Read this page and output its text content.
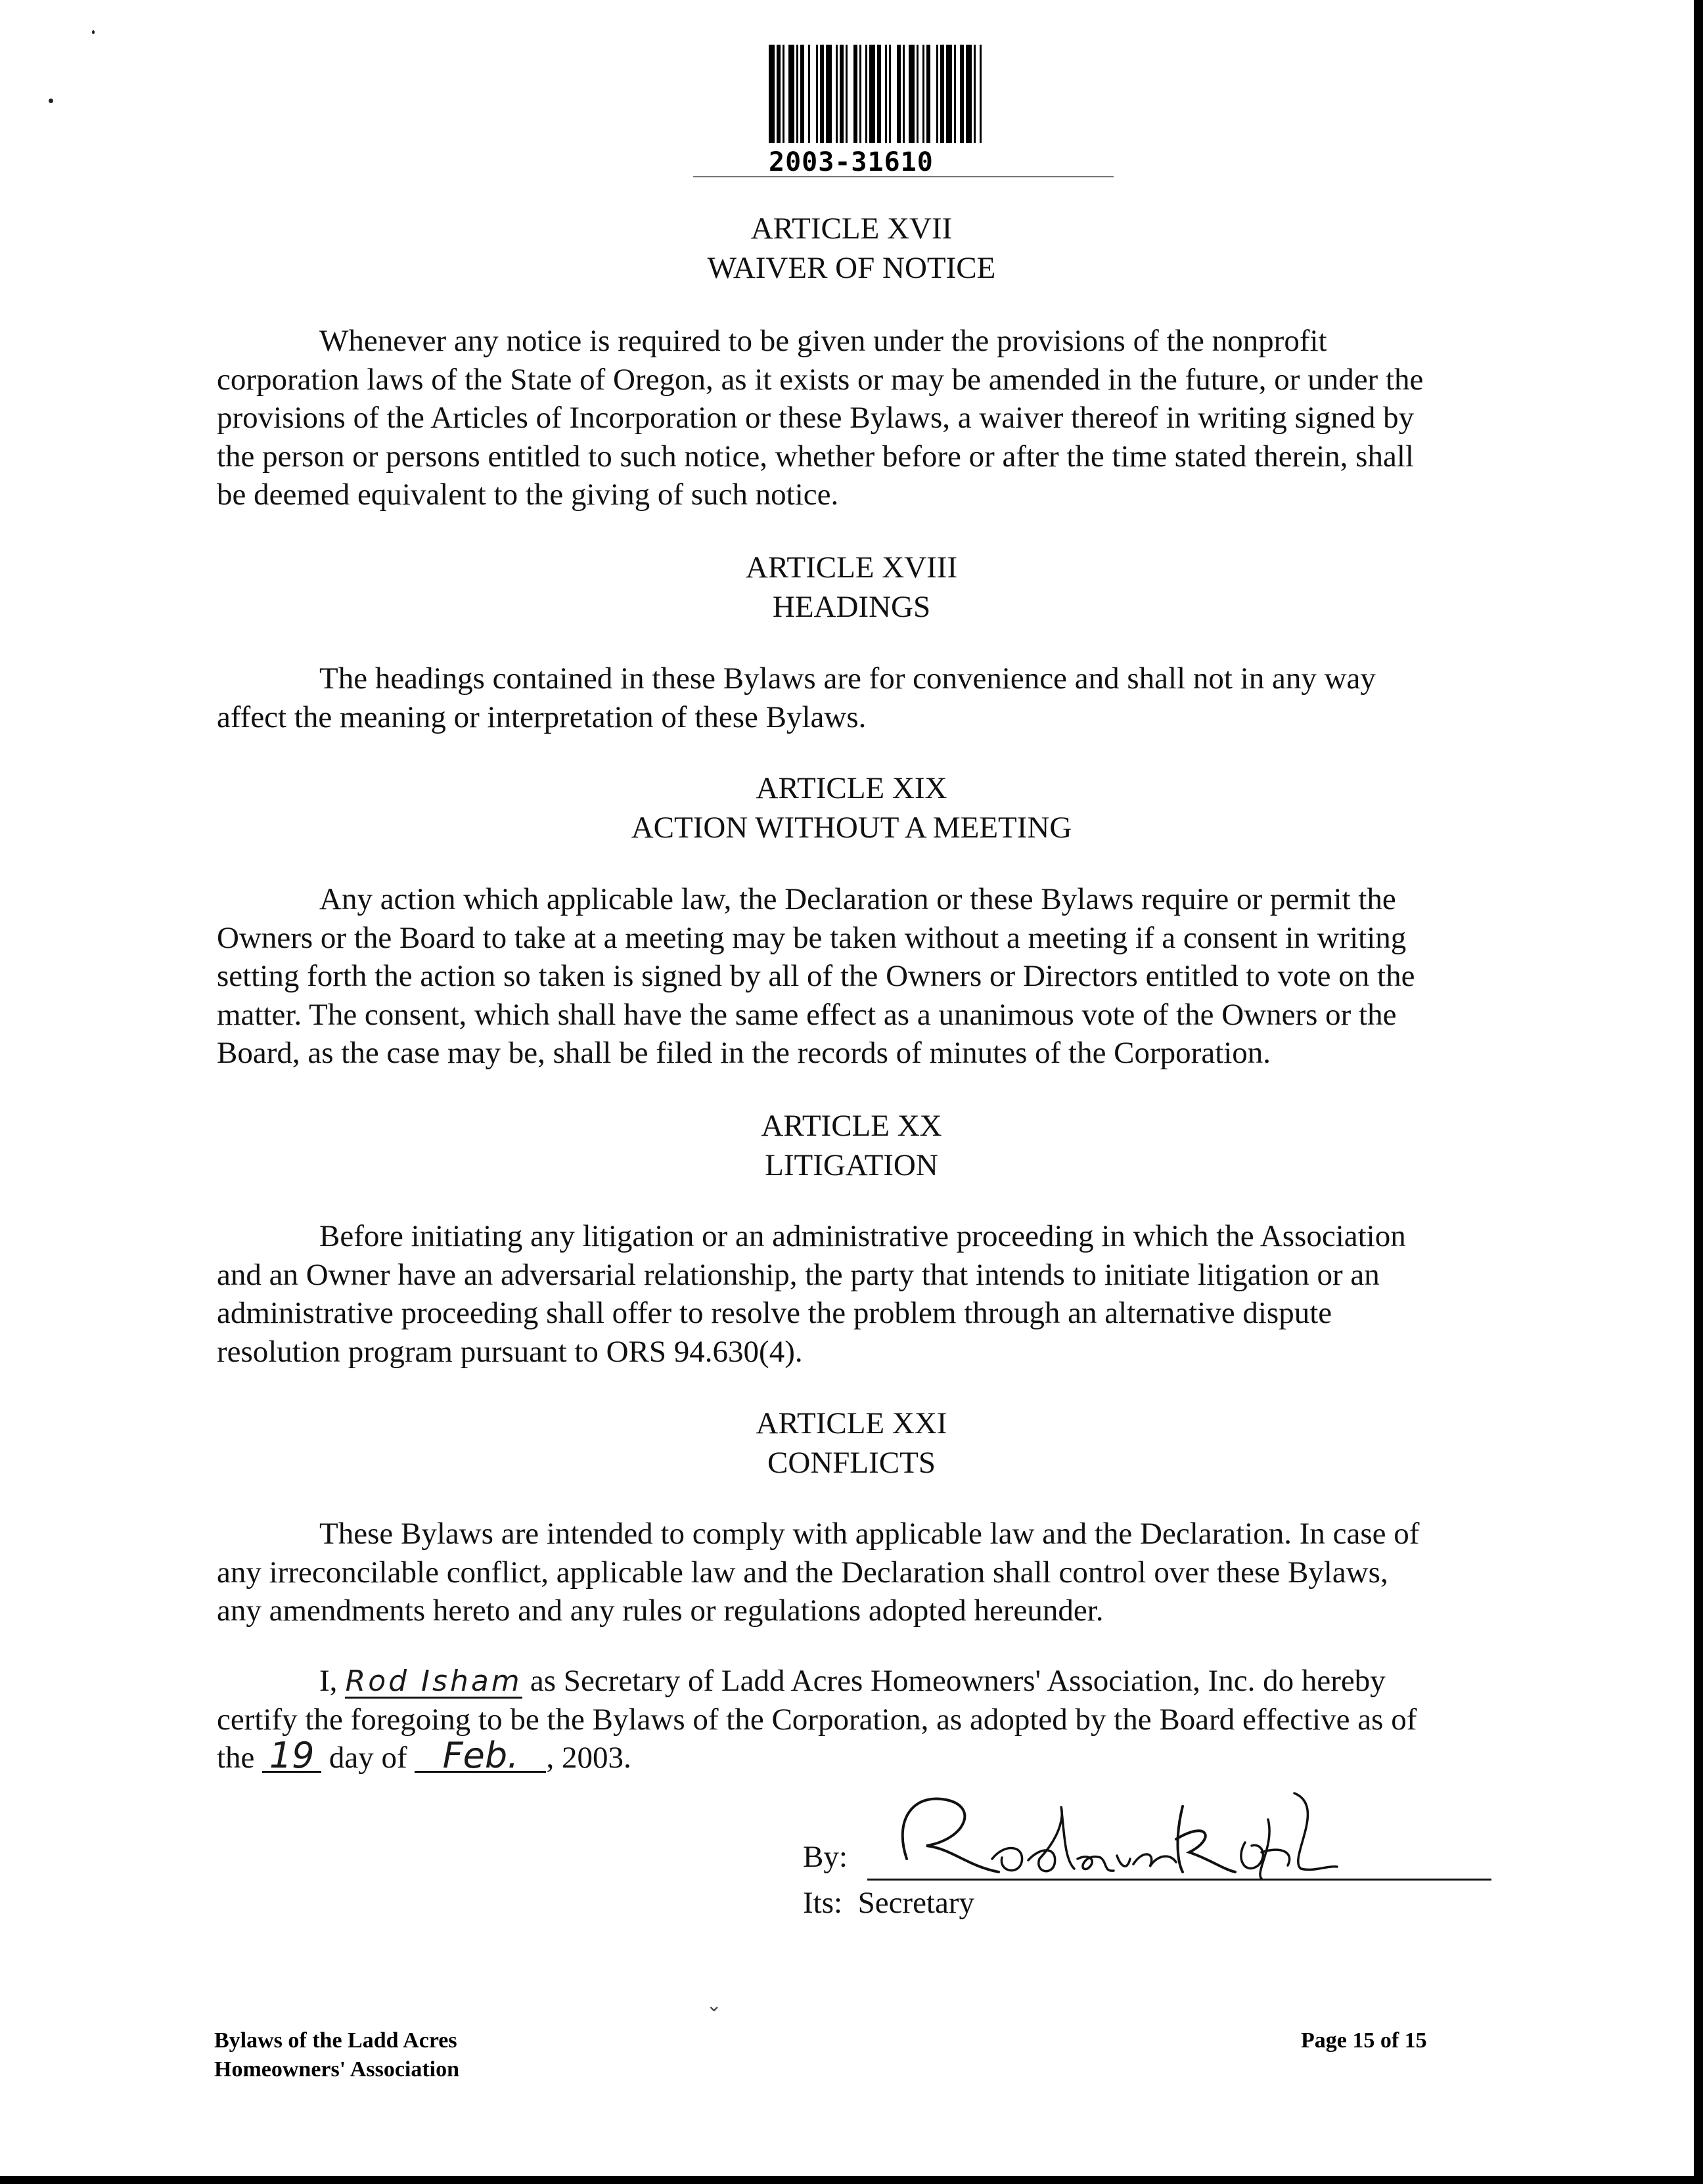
2003-31610
ARTICLE XVII
WAIVER OF NOTICE
Whenever any notice is required to be given under the provisions of the nonprofit
corporation laws of the State of Oregon, as it exists or may be amended in the future, or under the
provisions of the Articles of Incorporation or these Bylaws, a waiver thereof in writing signed by
the person or persons entitled to such notice, whether before or after the time stated therein, shall
be deemed equivalent to the giving of such notice.
ARTICLE XVIII
HEADINGS
The headings contained in these Bylaws are for convenience and shall not in any way
affect the meaning or interpretation of these Bylaws.
ARTICLE XIX
ACTION WITHOUT A MEETING
Any action which applicable law, the Declaration or these Bylaws require or permit the
Owners or the Board to take at a meeting may be taken without a meeting if a consent in writing
setting forth the action so taken is signed by all of the Owners or Directors entitled to vote on the
matter. The consent, which shall have the same effect as a unanimous vote of the Owners or the
Board, as the case may be, shall be filed in the records of minutes of the Corporation.
ARTICLE XX
LITIGATION
Before initiating any litigation or an administrative proceeding in which the Association
and an Owner have an adversarial relationship, the party that intends to initiate litigation or an
administrative proceeding shall offer to resolve the problem through an alternative dispute
resolution program pursuant to ORS 94.630(4).
ARTICLE XXI
CONFLICTS
These Bylaws are intended to comply with applicable law and the Declaration. In case of
any irreconcilable conflict, applicable law and the Declaration shall control over these Bylaws,
any amendments hereto and any rules or regulations adopted hereunder.
I, Rod Isham as Secretary of Ladd Acres Homeowners' Association, Inc. do hereby
certify the foregoing to be the Bylaws of the Corporation, as adopted by the Board effective as of
the 19 day of Feb. , 2003.
By:
Its: Secretary
⌄
Bylaws of the Ladd Acres
Homeowners' Association
Page 15 of 15
